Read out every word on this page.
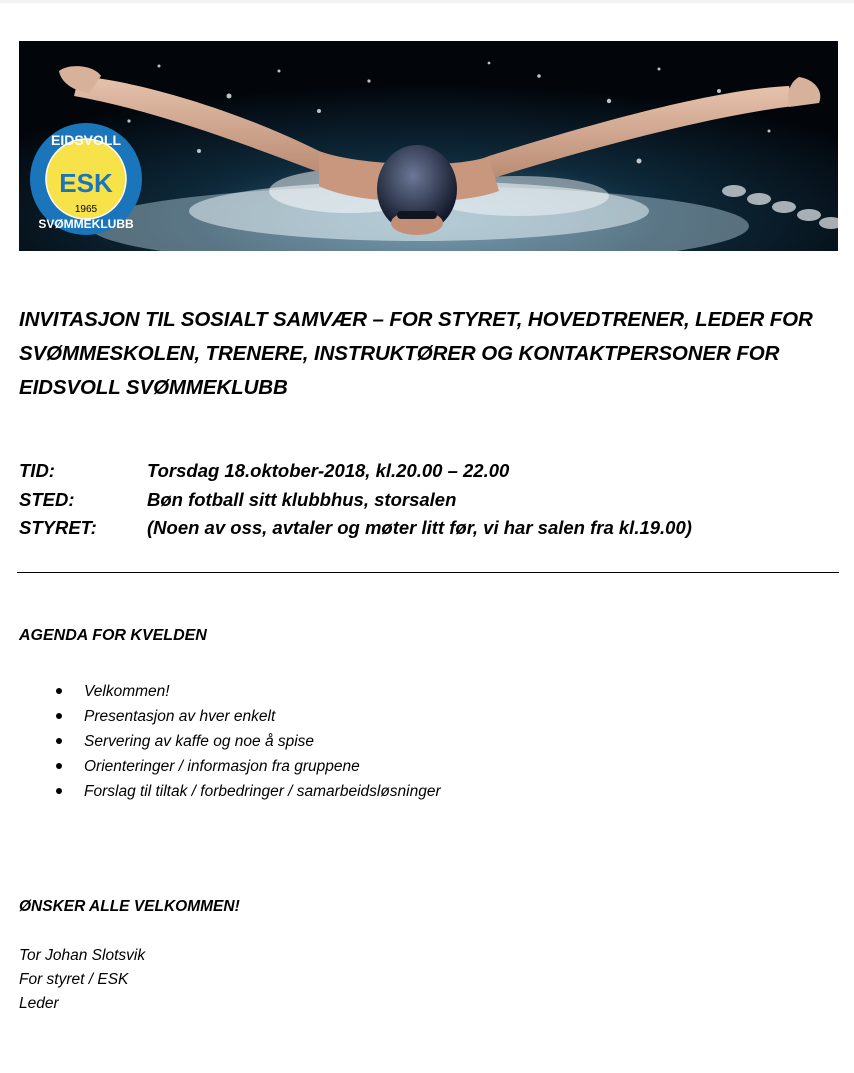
EIDSVOLL
ESK
1965
SVØMMEKLUBB
INVITASJON TIL SOSIALT SAMVÆR – FOR STYRET, HOVEDTRENER, LEDER FOR SVØMMESKOLEN, TRENERE, INSTRUKTØRER OG KONTAKTPERSONER FOR EIDSVOLL SVØMMEKLUBB
TID:	Torsdag 18.oktober-2018, kl.20.00 – 22.00
STED:	Bøn fotball sitt klubbhus, storsalen
STYRET:	(Noen av oss, avtaler og møter litt før, vi har salen fra kl.19.00)
AGENDA FOR KVELDEN
Velkommen!
Presentasjon av hver enkelt
Servering av kaffe og noe å spise
Orienteringer / informasjon fra gruppene
Forslag til tiltak / forbedringer / samarbeidsløsninger

ØNSKER ALLE VELKOMMEN!

Tor Johan Slotsvik
For styret / ESK
Leder
